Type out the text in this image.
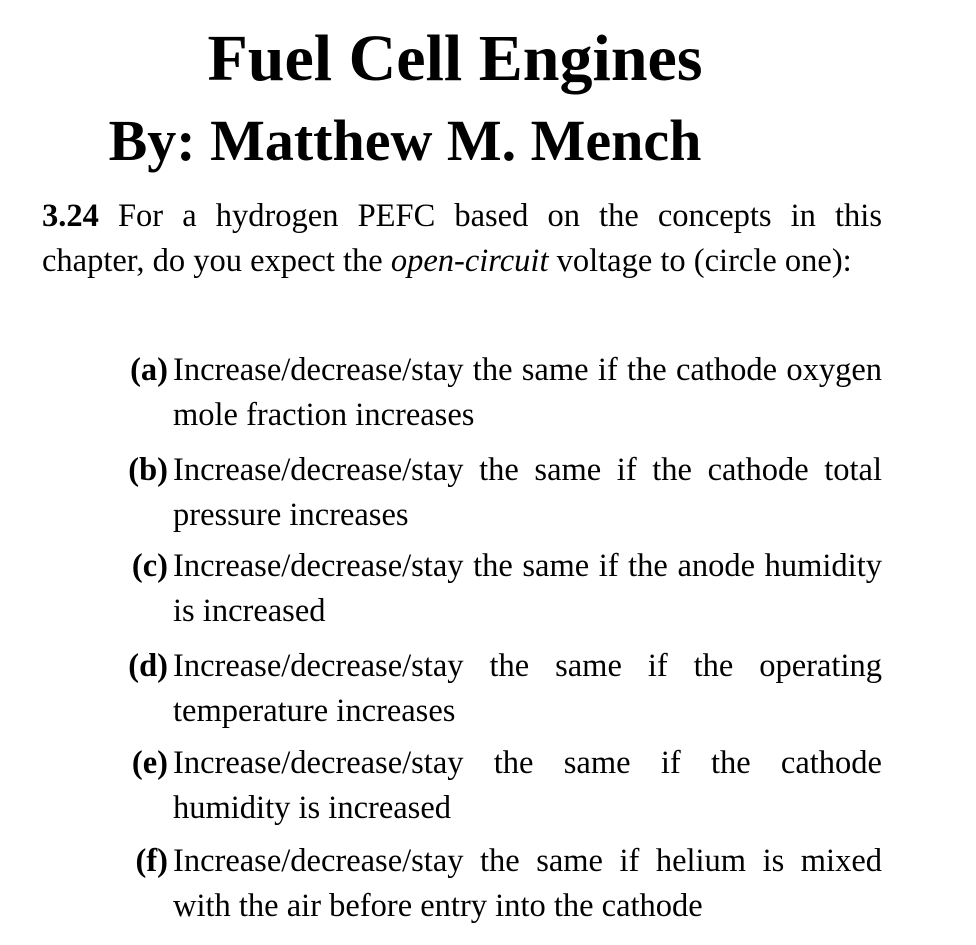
Fuel Cell Engines
By: Matthew M. Mench
3.24 For a hydrogen PEFC based on the concepts in this chapter, do you expect the open-circuit voltage to (circle one):
(a) Increase/decrease/stay the same if the cathode oxygen mole fraction increases
(b) Increase/decrease/stay the same if the cathode total pressure increases
(c) Increase/decrease/stay the same if the anode humidity is increased
(d) Increase/decrease/stay the same if the operating temperature increases
(e) Increase/decrease/stay the same if the cathode humidity is increased
(f) Increase/decrease/stay the same if helium is mixed with the air before entry into the cathode
